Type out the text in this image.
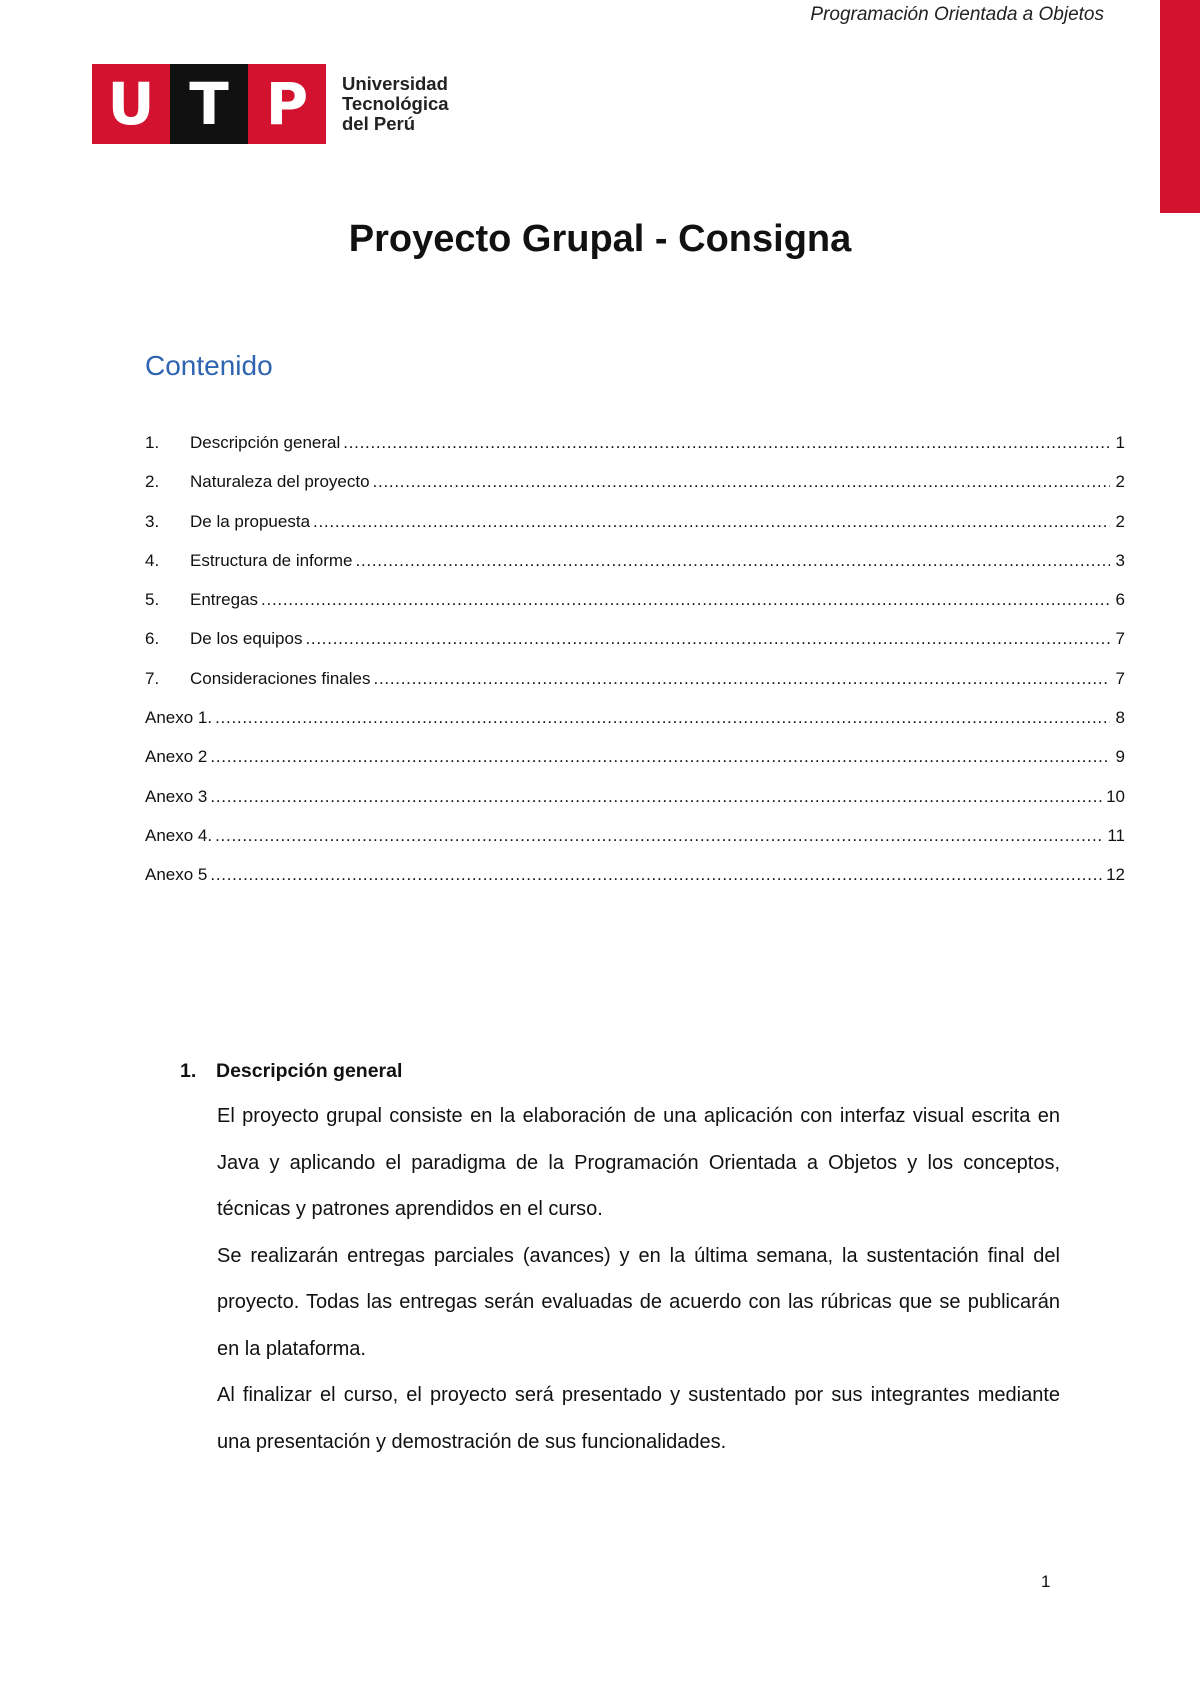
Programación Orientada a Objetos
U T P	Universidad
Tecnológica
del Perú
Proyecto Grupal - Consigna
Contenido
1.	Descripción general . . .	1
2.	Naturaleza del proyecto . . .	2
3.	De la propuesta . . .	2
4.	Estructura de informe . . .	3
5.	Entregas . . .	6
6.	De los equipos . . .	7
7.	Consideraciones finales . . .	7
Anexo 1. . . .	8
Anexo 2 . . .	9
Anexo 3 . . .	10
Anexo 4. . . .	11
Anexo 5 . . .	12
1.	Descripción general

El proyecto grupal consiste en la elaboración de una aplicación con interfaz visual escrita en Java y aplicando el paradigma de la Programación Orientada a Objetos y los conceptos, técnicas y patrones aprendidos en el curso.

Se realizarán entregas parciales (avances) y en la última semana, la sustentación final del proyecto. Todas las entregas serán evaluadas de acuerdo con las rúbricas que se publicarán en la plataforma.

Al finalizar el curso, el proyecto será presentado y sustentado por sus integrantes mediante una presentación y demostración de sus funcionalidades.

1
